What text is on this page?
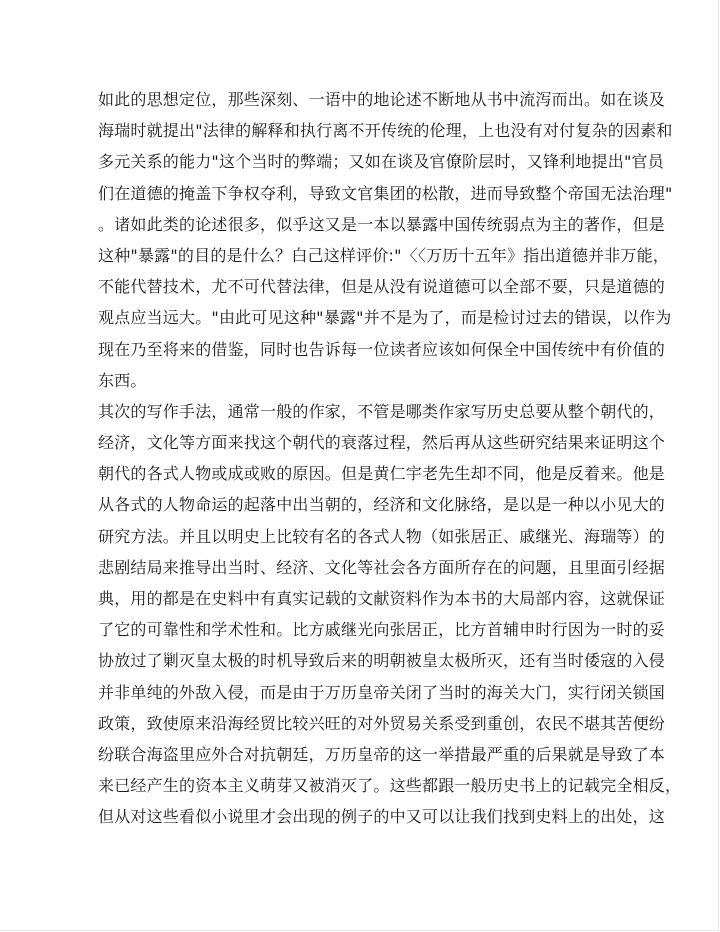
如此的思想定位，那些深刻、一语中的地论述不断地从书中流泻而出。如在谈及
海瑞时就提出"法律的解释和执行离不开传统的伦理，上也没有对付复杂的因素和
多元关系的能力"这个当时的弊端；又如在谈及官僚阶层时，又锋利地提出"官员
们在道德的掩盖下争权夺利，导致文官集团的松散，进而导致整个帝国无法治理"
。诸如此类的论述很多，似乎这又是一本以暴露中国传统弱点为主的著作，但是
这种"暴露"的目的是什么？白己这样评价:"〈〈万历十五年》指出道德并非万能，
不能代替技术，尤不可代替法律，但是从没有说道德可以全部不要，只是道德的
观点应当远大。"由此可见这种"暴露"并不是为了，而是检讨过去的错误，以作为
现在乃至将来的借鉴，同时也告诉每一位读者应该如何保全中国传统中有价值的
东西。
其次的写作手法，通常一般的作家，不管是哪类作家写历史总要从整个朝代的，
经济，文化等方面来找这个朝代的衰落过程，然后再从这些研究结果来证明这个
朝代的各式人物或成或败的原因。但是黄仁宇老先生却不同，他是反着来。他是
从各式的人物命运的起落中出当朝的，经济和文化脉络，是以是一种以小见大的
研究方法。并且以明史上比较有名的各式人物（如张居正、戚继光、海瑞等）的
悲剧结局来推导出当时、经济、文化等社会各方面所存在的问题，且里面引经据
典，用的都是在史料中有真实记载的文献资料作为本书的大局部内容，这就保证
了它的可靠性和学术性和。比方戚继光向张居正，比方首辅申时行因为一时的妥
协放过了剿灭皇太极的时机导致后来的明朝被皇太极所灭，还有当时倭寇的入侵
并非单纯的外敌入侵，而是由于万历皇帝关闭了当时的海关大门，实行闭关锁国
政策，致使原来沿海经贸比较兴旺的对外贸易关系受到重创，农民不堪其苦便纷
纷联合海盗里应外合对抗朝廷，万历皇帝的这一举措最严重的后果就是导致了本
来已经产生的资本主义萌芽又被消灭了。这些都跟一般历史书上的记载完全相反，
但从对这些看似小说里才会出现的例子的中又可以让我们找到史料上的出处，这
